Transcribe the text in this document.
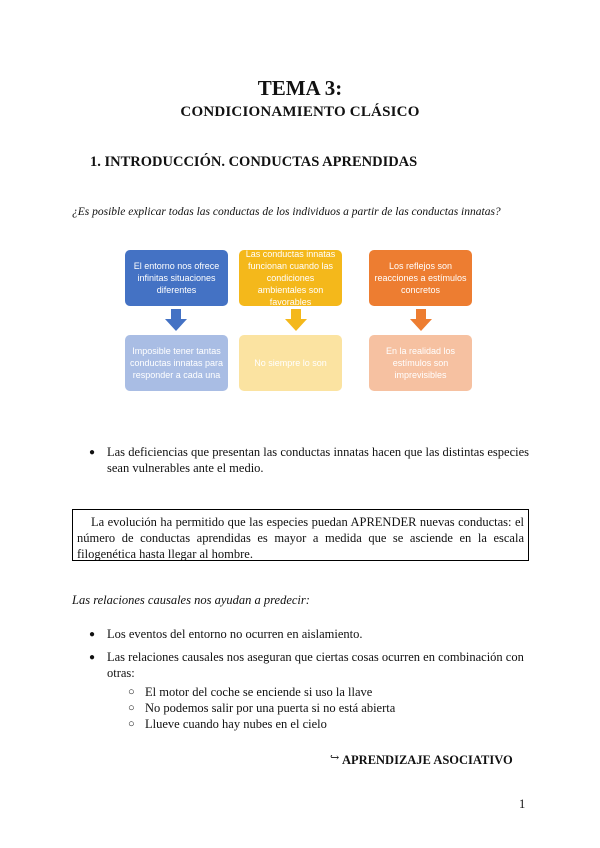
TEMA 3:
CONDICIONAMIENTO CLÁSICO
1. INTRODUCCIÓN. CONDUCTAS APRENDIDAS
¿Es posible explicar todas las conductas de los individuos a partir de las conductas innatas?
El entorno nos ofrece infinitas situaciones diferentes
Las conductas innatas funcionan cuando las condiciones ambientales son favorables
Los reflejos son reacciones a estímulos concretos
Imposible tener tantas conductas innatas para responder a cada una
No siempre lo son
En la realidad los estímulos son imprevisibles
● Las deficiencias que presentan las conductas innatas hacen que las distintas especies sean vulnerables ante el medio.
La evolución ha permitido que las especies puedan APRENDER nuevas conductas: el número de conductas aprendidas es mayor a medida que se asciende en la escala filogenética hasta llegar al hombre.
Las relaciones causales nos ayudan a predecir:
● Los eventos del entorno no ocurren en aislamiento.
● Las relaciones causales nos aseguran que ciertas cosas ocurren en combinación con otras:
○ El motor del coche se enciende si uso la llave
○ No podemos salir por una puerta si no está abierta
○ Llueve cuando hay nubes en el cielo
↪ APRENDIZAJE ASOCIATIVO
1
